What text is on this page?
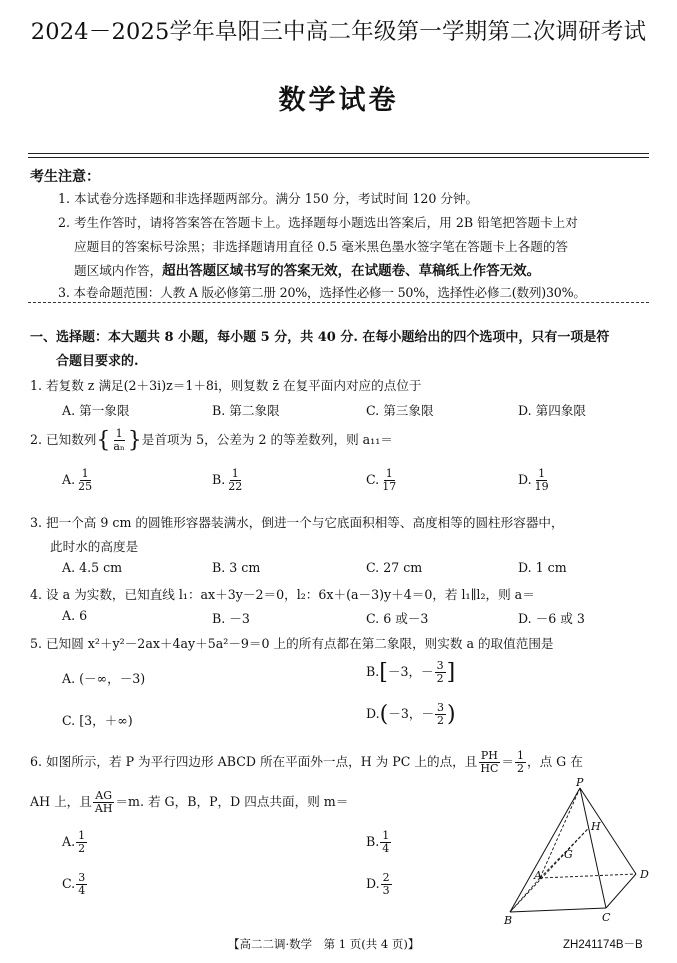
2024－2025学年阜阳三中高二年级第一学期第二次调研考试
数学试卷
考生注意：
1. 本试卷分选择题和非选择题两部分。满分 150 分，考试时间 120 分钟。
2. 考生作答时，请将答案答在答题卡上。选择题每小题选出答案后，用 2B 铅笔把答题卡上对
应题目的答案标号涂黑；非选择题请用直径 0.5 毫米黑色墨水签字笔在答题卡上各题的答
题区域内作答，超出答题区域书写的答案无效，在试题卷、草稿纸上作答无效。
3. 本卷命题范围：人教 A 版必修第二册 20%，选择性必修一 50%，选择性必修二(数列)30%。
一、选择题：本大题共 8 小题，每小题 5 分，共 40 分. 在每小题给出的四个选项中，只有一项是符
合题目要求的.
1. 若复数 z 满足(2＋3i)z＝1＋8i，则复数 z̄ 在复平面内对应的点位于
A. 第一象限	B. 第二象限	C. 第三象限	D. 第四象限
2. 已知数列{ $\frac{1}{\text{aₙ}}$ }是首项为 5，公差为 2 的等差数列，则 a₁₁＝
A. $\frac{1}{25}$	B. $\frac{1}{22}$	C. $\frac{1}{17}$	D. $\frac{1}{19}$
3. 把一个高 9 cm 的圆锥形容器装满水，倒进一个与它底面积相等、高度相等的圆柱形容器中，
此时水的高度是
A. 4.5 cm	B. 3 cm	C. 27 cm	D. 1 cm
4. 设 a 为实数，已知直线 l₁：ax＋3y－2＝0，l₂：6x＋(a－3)y＋4＝0，若 l₁∥l₂，则 a＝
A. 6	B. －3	C. 6 或－3	D. －6 或 3
5. 已知圆 x²＋y²－2ax＋4ay＋5a²－9＝0 上的所有点都在第二象限，则实数 a 的取值范围是
A. (－∞，－3)	B.[－3，－ $\frac{3}{2}$ ]
C. [3，＋∞)	D.(－3，－ $\frac{3}{2}$ )
6. 如图所示，若 P 为平行四边形 ABCD 所在平面外一点，H 为 PC 上的点，且 $\frac{PH}{HC} = \frac{1}{2}$ ，点 G 在
AH 上，且 $\frac{AG}{AH} =m$. 若 G，B，P，D 四点共面，则 m＝
A. $\frac{1}{2}$	B. $\frac{1}{4}$
C. $\frac{3}{4}$	D. $\frac{2}{3}$
P
H
G
A
B	C
D
【高二二调·数学　第 1 页(共 4 页)】	ZH241174B－B
